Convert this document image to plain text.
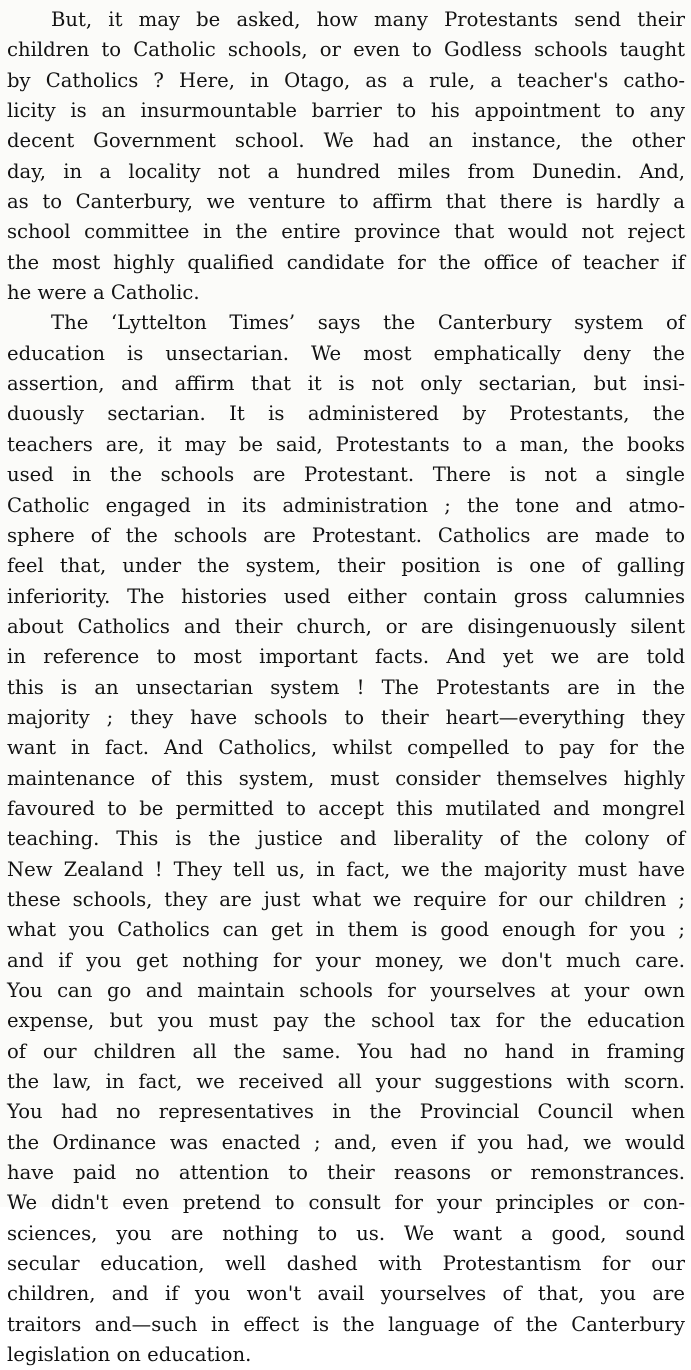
But, it may be asked, how many Protestants send their
children to Catholic schools, or even to Godless schools taught
by Catholics ? Here, in Otago, as a rule, a teacher's catho-
licity is an insurmountable barrier to his appointment to any
decent Government school. We had an instance, the other
day, in a locality not a hundred miles from Dunedin. And,
as to Canterbury, we venture to affirm that there is hardly a
school committee in the entire province that would not reject
the most highly qualified candidate for the office of teacher if
he were a Catholic.
The ‘Lyttelton Times’ says the Canterbury system of
education is unsectarian. We most emphatically deny the
assertion, and affirm that it is not only sectarian, but insi-
duously sectarian. It is administered by Protestants, the
teachers are, it may be said, Protestants to a man, the books
used in the schools are Protestant. There is not a single
Catholic engaged in its administration ; the tone and atmo-
sphere of the schools are Protestant. Catholics are made to
feel that, under the system, their position is one of galling
inferiority. The histories used either contain gross calumnies
about Catholics and their church, or are disingenuously silent
in reference to most important facts. And yet we are told
this is an unsectarian system ! The Protestants are in the
majority ; they have schools to their heart—everything they
want in fact. And Catholics, whilst compelled to pay for the
maintenance of this system, must consider themselves highly
favoured to be permitted to accept this mutilated and mongrel
teaching. This is the justice and liberality of the colony of
New Zealand ! They tell us, in fact, we the majority must have
these schools, they are just what we require for our children ;
what you Catholics can get in them is good enough for you ;
and if you get nothing for your money, we don't much care.
You can go and maintain schools for yourselves at your own
expense, but you must pay the school tax for the education
of our children all the same. You had no hand in framing
the law, in fact, we received all your suggestions with scorn.
You had no representatives in the Provincial Council when
the Ordinance was enacted ; and, even if you had, we would
have paid no attention to their reasons or remonstrances.
We didn't even pretend to consult for your principles or con-
sciences, you are nothing to us. We want a good, sound
secular education, well dashed with Protestantism for our
children, and if you won't avail yourselves of that, you are
traitors and—such in effect is the language of the Canterbury
legislation on education.
